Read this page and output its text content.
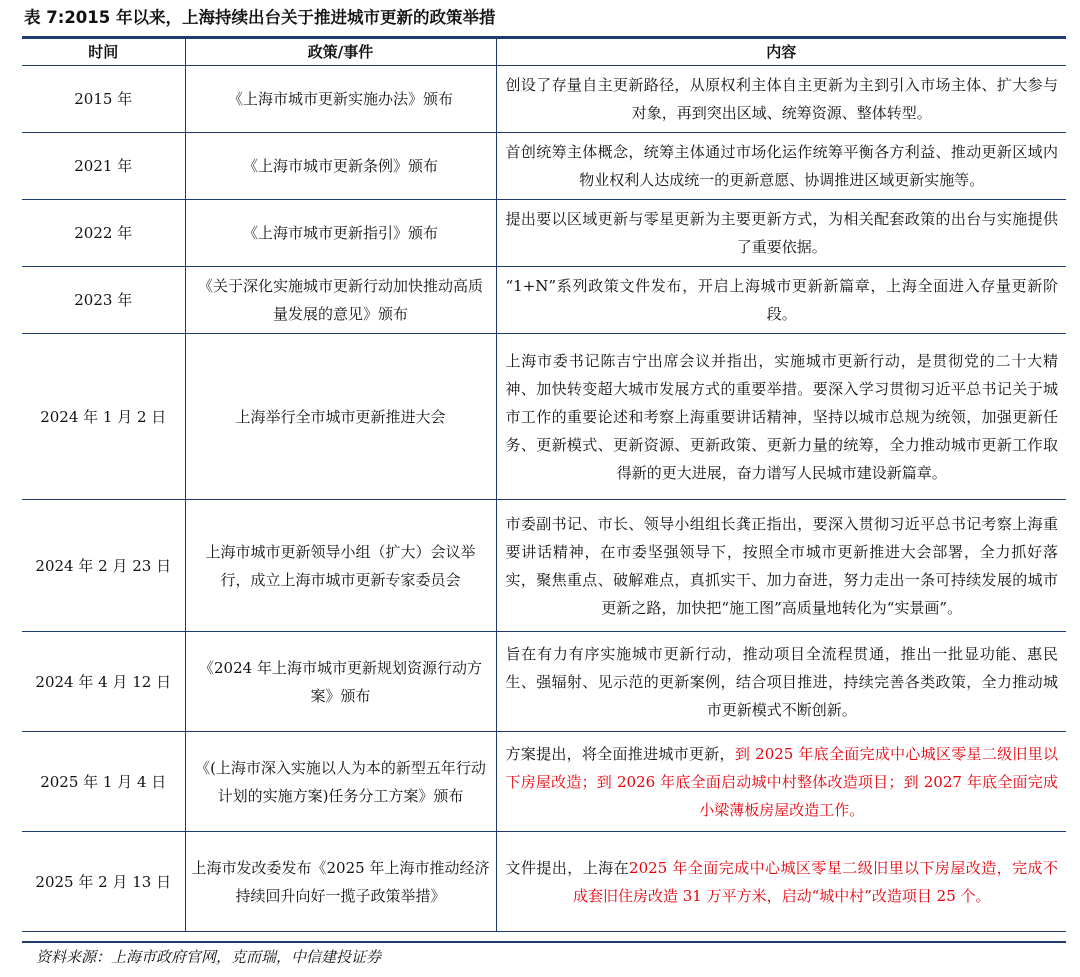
表 7:2015 年以来，上海持续出台关于推进城市更新的政策举措
时间	政策/事件	内容
2015 年	《上海市城市更新实施办法》颁布	创设了存量自主更新路径，从原权利主体自主更新为主到引入市场主体、扩大参与对象，再到突出区域、统筹资源、整体转型。
2021 年	《上海市城市更新条例》颁布	首创统筹主体概念，统筹主体通过市场化运作统筹平衡各方利益、推动更新区域内物业权利人达成统一的更新意愿、协调推进区域更新实施等。
2022 年	《上海市城市更新指引》颁布	提出要以区域更新与零星更新为主要更新方式，为相关配套政策的出台与实施提供了重要依据。
2023 年	《关于深化实施城市更新行动加快推动高质量发展的意见》颁布	“1+N”系列政策文件发布，开启上海城市更新新篇章，上海全面进入存量更新阶段。
2024 年 1 月 2 日	上海举行全市城市更新推进大会	上海市委书记陈吉宁出席会议并指出，实施城市更新行动，是贯彻党的二十大精神、加快转变超大城市发展方式的重要举措。要深入学习贯彻习近平总书记关于城市工作的重要论述和考察上海重要讲话精神，坚持以城市总规为统领，加强更新任务、更新模式、更新资源、更新政策、更新力量的统筹，全力推动城市更新工作取得新的更大进展，奋力谱写人民城市建设新篇章。
2024 年 2 月 23 日	上海市城市更新领导小组（扩大）会议举行，成立上海市城市更新专家委员会	市委副书记、市长、领导小组组长龚正指出，要深入贯彻习近平总书记考察上海重要讲话精神，在市委坚强领导下，按照全市城市更新推进大会部署，全力抓好落实，聚焦重点、破解难点，真抓实干、加力奋进，努力走出一条可持续发展的城市更新之路，加快把“施工图”高质量地转化为“实景画”。
2024 年 4 月 12 日	《2024 年上海市城市更新规划资源行动方案》颁布	旨在有力有序实施城市更新行动，推动项目全流程贯通，推出一批显功能、惠民生、强辐射、见示范的更新案例，结合项目推进，持续完善各类政策，全力推动城市更新模式不断创新。
2025 年 1 月 4 日	《(上海市深入实施以人为本的新型五年行动计划的实施方案)任务分工方案》颁布	方案提出，将全面推进城市更新，到 2025 年底全面完成中心城区零星二级旧里以下房屋改造；到 2026 年底全面启动城中村整体改造项目；到 2027 年底全面完成小梁薄板房屋改造工作。
2025 年 2 月 13 日	上海市发改委发布《2025 年上海市推动经济持续回升向好一揽子政策举措》	文件提出，上海在2025 年全面完成中心城区零星二级旧里以下房屋改造，完成不成套旧住房改造 31 万平方米，启动“城中村”改造项目 25 个。
资料来源：上海市政府官网，克而瑞，中信建投证券
